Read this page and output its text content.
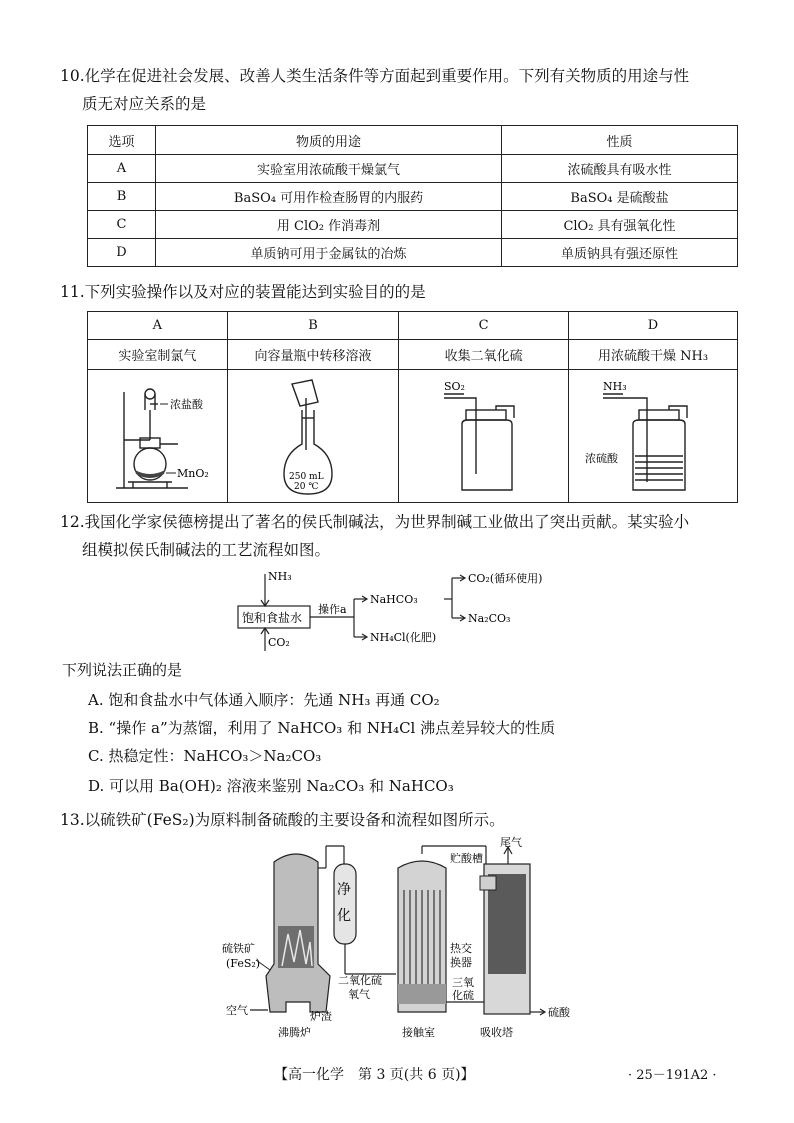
10.化学在促进社会发展、改善人类生活条件等方面起到重要作用。下列有关物质的用途与性
质无对应关系的是
选项	物质的用途	性质
A	实验室用浓硫酸干燥氯气	浓硫酸具有吸水性
B	BaSO₄ 可用作检查肠胃的内服药	BaSO₄ 是硫酸盐
C	用 ClO₂ 作消毒剂	ClO₂ 具有强氧化性
D	单质钠可用于金属钛的冶炼	单质钠具有强还原性
11.下列实验操作以及对应的装置能达到实验目的的是
A	B	C	D
实验室制氯气	向容量瓶中转移溶液	收集二氧化硫	用浓硫酸干燥 NH₃

浓盐酸
MnO₂	250 mL
20 ℃	SO₂	NH₃
浓硫酸
12.我国化学家侯德榜提出了著名的侯氏制碱法，为世界制碱工业做出了突出贡献。某实验小
组模拟侯氏制碱法的工艺流程如图。
NH₃
CO₂
饱和食盐水
操作a
NaHCO₃
NH₄Cl(化肥)
CO₂(循环使用)
Na₂CO₃
下列说法正确的是
A. 饱和食盐水中气体通入顺序：先通 NH₃ 再通 CO₂
B. “操作 a”为蒸馏，利用了 NaHCO₃ 和 NH₄Cl 沸点差异较大的性质
C. 热稳定性：NaHCO₃＞Na₂CO₃
D. 可以用 Ba(OH)₂ 溶液来鉴别 Na₂CO₃ 和 NaHCO₃
13.以硫铁矿(FeS₂)为原料制备硫酸的主要设备和流程如图所示。
净
化
硫铁矿
(FeS₂)
空气	炉渣
沸腾炉
二氧化硫
氧气
热交
换器
三氧
化硫
接触室
贮酸槽
尾气
吸收塔
硫酸
【高一化学　第 3 页(共 6 页)】	· 25－191A2 ·
